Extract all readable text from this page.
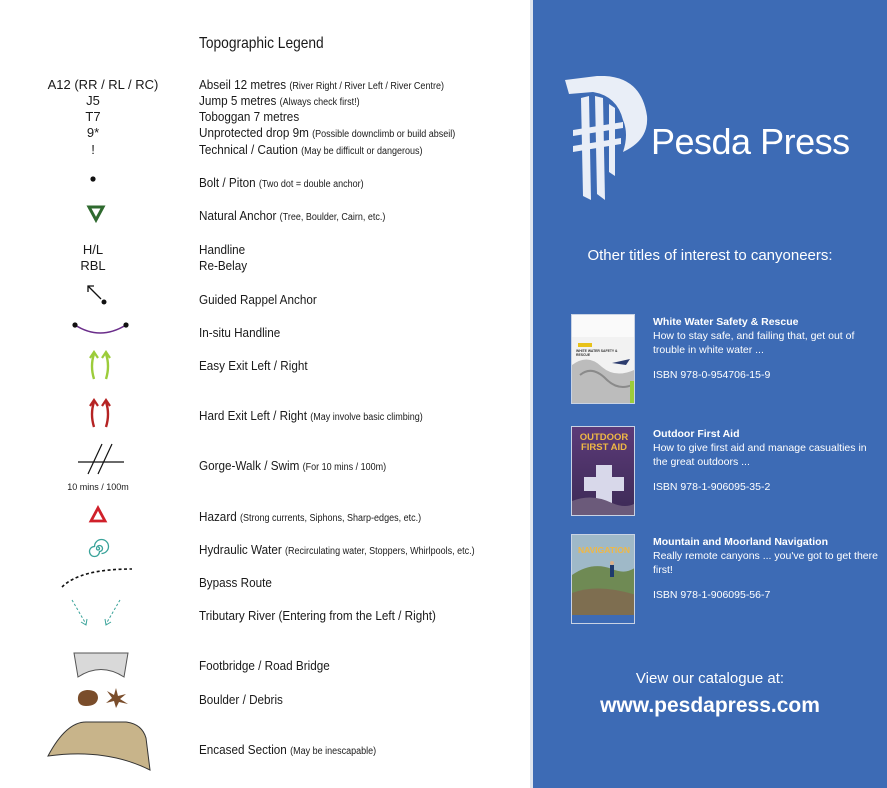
Topographic Legend
A12 (RR / RL / RC)	Abseil 12 metres (River Right / River Left / River Centre)
J5	Jump 5 metres (Always check first!)
T7	Toboggan 7 metres
9*	Unprotected drop 9m (Possible downclimb or build abseil)
!	Technical / Caution (May be difficult or dangerous)
Bolt / Piton (Two dot = double anchor)
Natural Anchor (Tree, Boulder, Cairn, etc.)
H/L	Handline
RBL	Re-Belay
Guided Rappel Anchor
In-situ Handline
Easy Exit Left / Right
Hard Exit Left / Right (May involve basic climbing)
Gorge-Walk / Swim (For 10 mins / 100m)
10 mins / 100m
Hazard (Strong currents, Siphons, Sharp-edges, etc.)
Hydraulic Water (Recirculating water, Stoppers, Whirlpools, etc.)
Bypass Route
Tributary River (Entering from the Left / Right)
Footbridge / Road Bridge
Boulder / Debris
Encased Section (May be inescapable)
Pesda Press
Other titles of interest to canyoneers:
WHITE WATER SAFETY & RESCUE
White Water Safety & Rescue
How to stay safe, and failing that, get out of trouble in white water ...
ISBN 978-0-954706-15-9
OUTDOOR FIRST AID
Outdoor First Aid
How to give first aid and manage casualties in the great outdoors ...
ISBN 978-1-906095-35-2
NAVIGATION
Mountain and Moorland Navigation
Really remote canyons ... you've got to get there first!
ISBN 978-1-906095-56-7
View our catalogue at:
www.pesdapress.com
